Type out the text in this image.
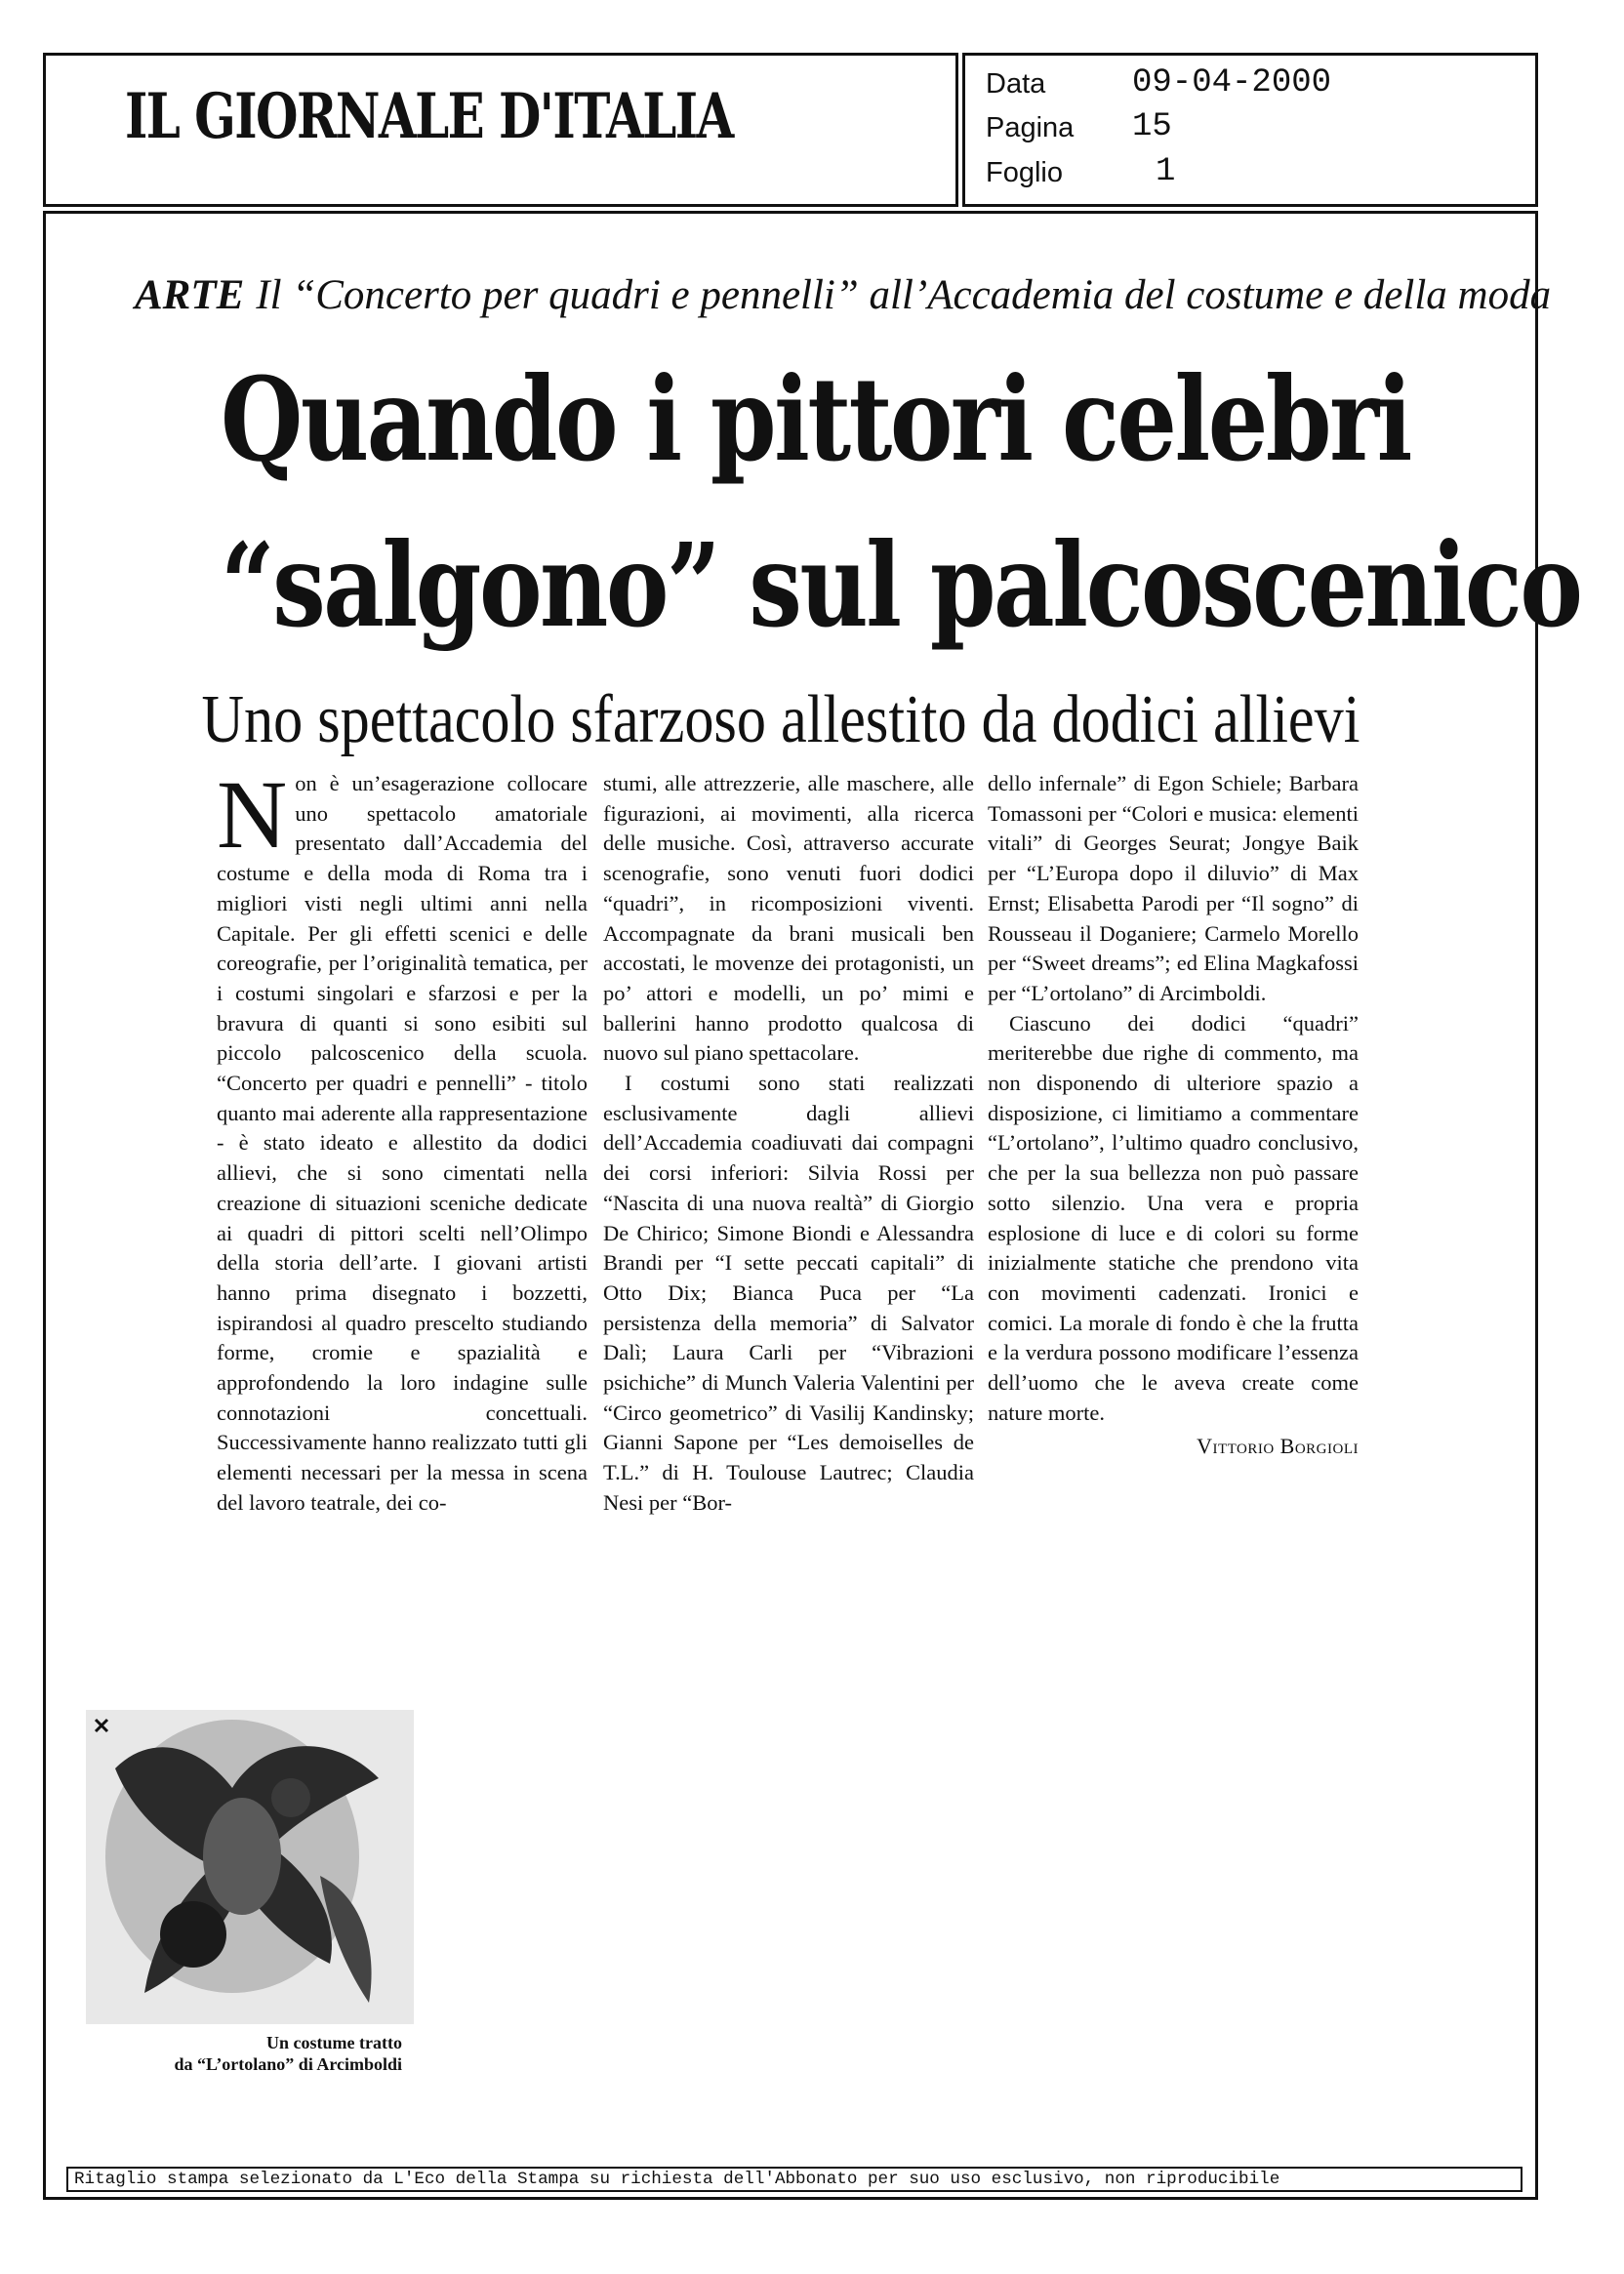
IL GIORNALE D'ITALIA	Data	09-04-2000
Pagina 15
Foglio	1
ARTE Il “Concerto per quadri e pennelli” all’Accademia del costume e della moda
Quando i pittori celebri
“salgono” sul palcoscenico
Uno spettacolo sfarzoso allestito da dodici allievi
N on è un’esagerazione collocare uno spettacolo amatoriale presentato dall’Accademia del costume e della moda di Roma tra i migliori visti negli ultimi anni nella Capitale. Per gli effetti scenici e delle coreografie, per l’originalità tematica, per i costumi singolari e sfarzosi e per la bravura di quanti si sono esibiti sul piccolo palcoscenico della scuola. “Concerto per quadri e pennelli” - titolo quanto mai aderente alla rappresentazione - è stato ideato e allestito da dodici allievi, che si sono cimentati nella creazione di situazioni sceniche dedicate ai quadri di pittori scelti nell’Olimpo della storia dell’arte. I giovani artisti hanno prima disegnato i bozzetti, ispirandosi al quadro prescelto studiando forme, cromie e spazialità e approfondendo la loro indagine sulle connotazioni concettuali. Successivamente hanno realizzato tutti gli elementi necessari per la messa in scena del lavoro teatrale, dei co-

stumi, alle attrezzerie, alle maschere, alle figurazioni, ai movimenti, alla ricerca delle musiche. Così, attraverso accurate scenografie, sono venuti fuori dodici “quadri”, in ricomposizioni viventi. Accompagnate da brani musicali ben accostati, le movenze dei protagonisti, un po’ attori e modelli, un po’ mimi e ballerini hanno prodotto qualcosa di nuovo sul piano spettacolare.

I costumi sono stati realizzati esclusivamente dagli allievi dell’Accademia coadiuvati dai compagni dei corsi inferiori: Silvia Rossi per “Nascita di una nuova realtà” di Giorgio De Chirico; Simone Biondi e Alessandra Brandi per “I sette peccati capitali” di Otto Dix; Bianca Puca per “La persistenza della memoria” di Salvator Dalì; Laura Carli per “Vibrazioni psichiche” di Munch Valeria Valentini per “Circo geometrico” di Vasilij Kandinsky; Gianni Sapone per “Les demoiselles de T.L.” di H. Toulouse Lautrec; Claudia Nesi per “Bor-

dello infernale” di Egon Schiele; Barbara Tomassoni per “Colori e musica: elementi vitali” di Georges Seurat; Jongye Baik per “L’Europa dopo il diluvio” di Max Ernst; Elisabetta Parodi per “Il sogno” di Rousseau il Doganiere; Carmelo Morello per “Sweet dreams”; ed Elina Magkafossi per “L’ortolano” di Arcimboldi.

Ciascuno dei dodici “quadri” meriterebbe due righe di commento, ma non disponendo di ulteriore spazio a disposizione, ci limitiamo a commentare “L’ortolano”, l’ultimo quadro conclusivo, che per la sua bellezza non può passare sotto silenzio. Una vera e propria esplosione di luce e di colori su forme inizialmente statiche che prendono vita con movimenti cadenzati. Ironici e comici. La morale di fondo è che la frutta e la verdura possono modificare l’essenza dell’uomo che le aveva create come nature morte.

Vittorio Borgioli
Un costume tratto
da “L’ortolano” di Arcimboldi
Ritaglio stampa selezionato da L'Eco della Stampa su richiesta dell'Abbonato per suo uso esclusivo, non riproducibile
